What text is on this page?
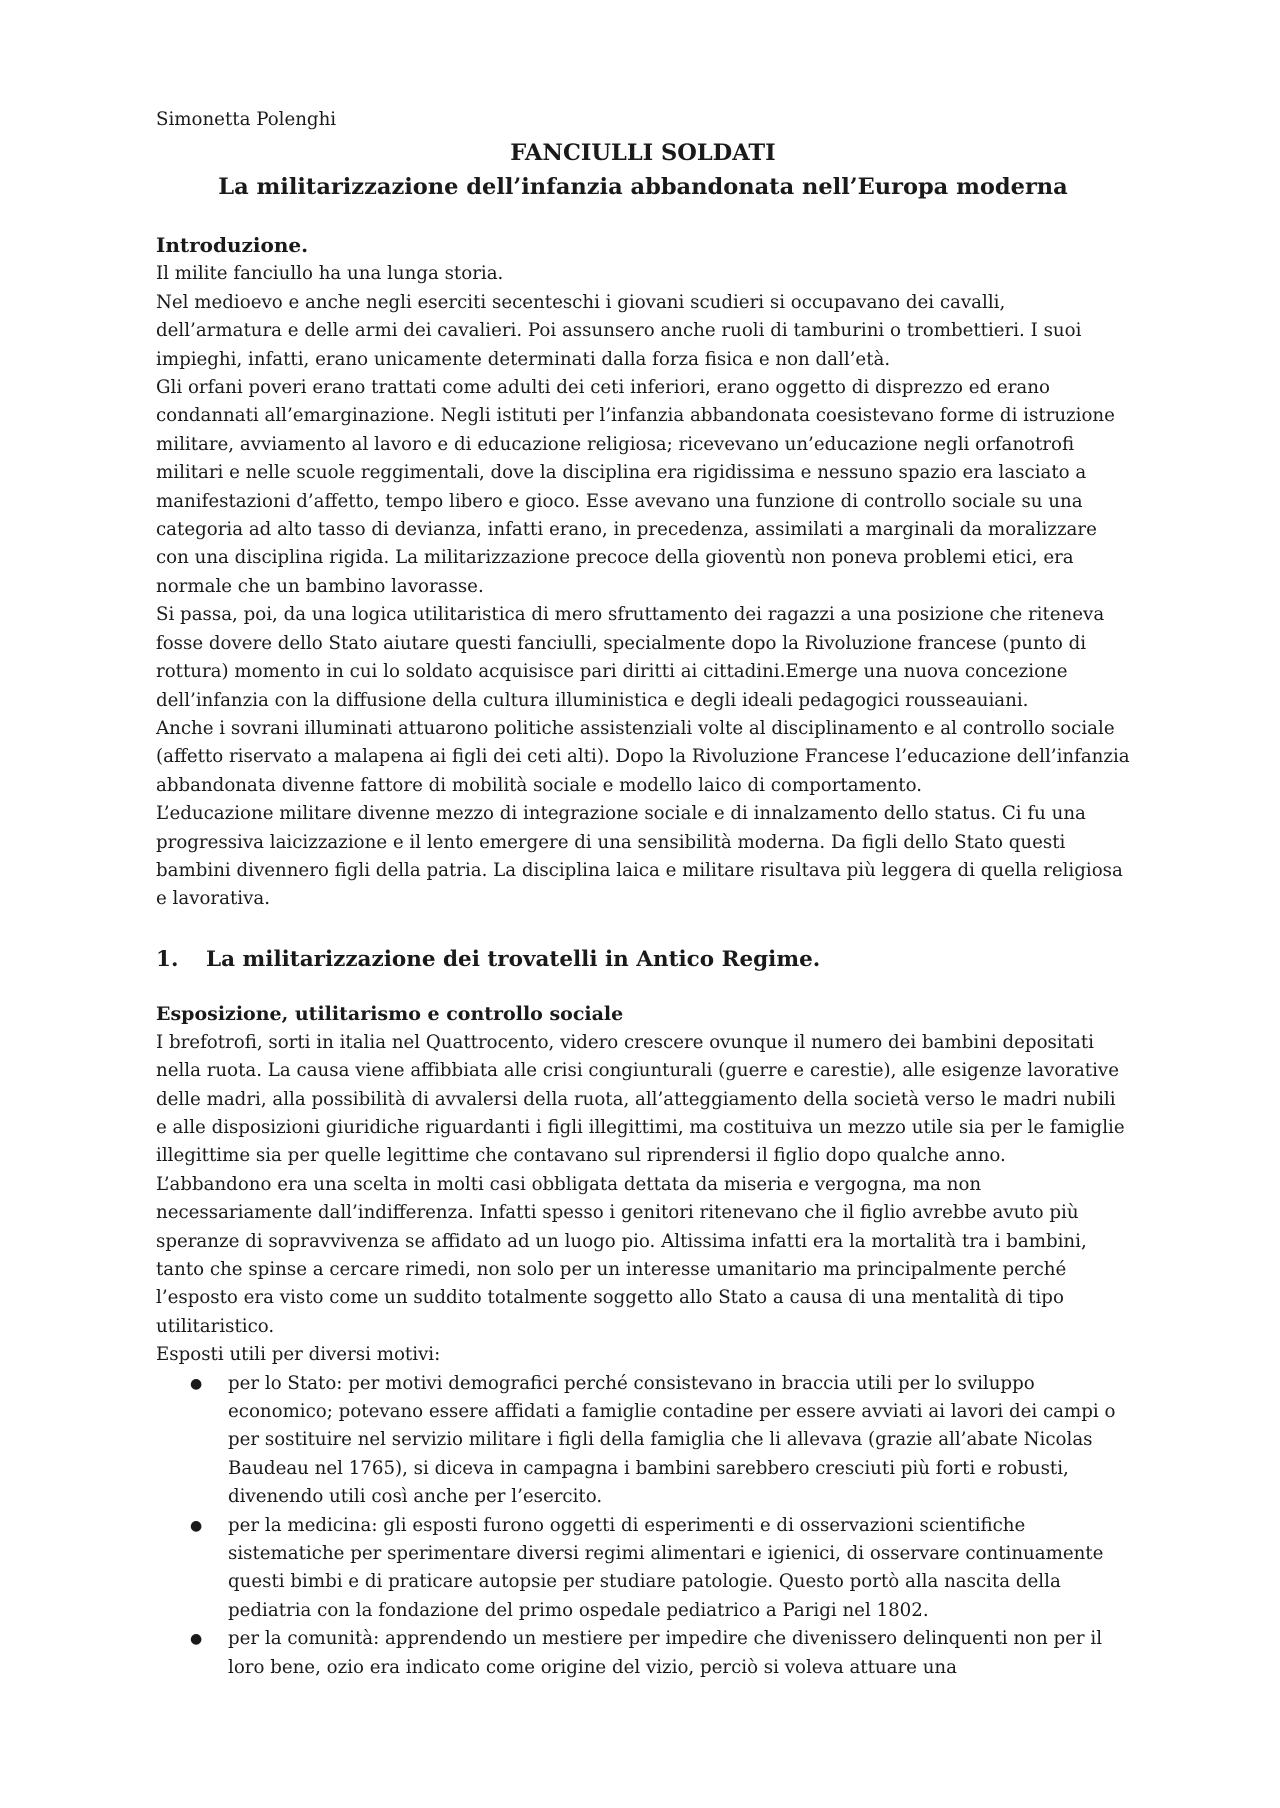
Simonetta Polenghi

FANCIULLI SOLDATI
La militarizzazione dell’infanzia abbandonata nell’Europa moderna
Introduzione.

Il milite fanciullo ha una lunga storia.

Nel medioevo e anche negli eserciti secenteschi i giovani scudieri si occupavano dei cavalli, dell’armatura e delle armi dei cavalieri. Poi assunsero anche ruoli di tamburini o trombettieri. I suoi impieghi, infatti, erano unicamente determinati dalla forza fisica e non dall’età.

Gli orfani poveri erano trattati come adulti dei ceti inferiori, erano oggetto di disprezzo ed erano condannati all’emarginazione. Negli istituti per l’infanzia abbandonata coesistevano forme di istruzione militare, avviamento al lavoro e di educazione religiosa; ricevevano un’educazione negli orfanotrofi militari e nelle scuole reggimentali, dove la disciplina era rigidissima e nessuno spazio era lasciato a manifestazioni d’affetto, tempo libero e gioco. Esse avevano una funzione di controllo sociale su una categoria ad alto tasso di devianza, infatti erano, in precedenza, assimilati a marginali da moralizzare con una disciplina rigida. La militarizzazione precoce della gioventù non poneva problemi etici, era normale che un bambino lavorasse.

Si passa, poi, da una logica utilitaristica di mero sfruttamento dei ragazzi a una posizione che riteneva fosse dovere dello Stato aiutare questi fanciulli, specialmente dopo la Rivoluzione francese (punto di rottura) momento in cui lo soldato acquisisce pari diritti ai cittadini.Emerge una nuova concezione dell’infanzia con la diffusione della cultura illuministica e degli ideali pedagogici rousseauiani.

Anche i sovrani illuminati attuarono politiche assistenziali volte al disciplinamento e al controllo sociale (affetto riservato a malapena ai figli dei ceti alti). Dopo la Rivoluzione Francese l’educazione dell’infanzia abbandonata divenne fattore di mobilità sociale e modello laico di comportamento.

L’educazione militare divenne mezzo di integrazione sociale e di innalzamento dello status. Ci fu una progressiva laicizzazione e il lento emergere di una sensibilità moderna. Da figli dello Stato questi bambini divennero figli della patria. La disciplina laica e militare risultava più leggera di quella religiosa e lavorativa.

1.	La militarizzazione dei trovatelli in Antico Regime.
Esposizione, utilitarismo e controllo sociale

I brefotrofi, sorti in italia nel Quattrocento, videro crescere ovunque il numero dei bambini depositati nella ruota. La causa viene affibbiata alle crisi congiunturali (guerre e carestie), alle esigenze lavorative delle madri, alla possibilità di avvalersi della ruota, all’atteggiamento della società verso le madri nubili e alle disposizioni giuridiche riguardanti i figli illegittimi, ma costituiva un mezzo utile sia per le famiglie illegittime sia per quelle legittime che contavano sul riprendersi il figlio dopo qualche anno.

L’abbandono era una scelta in molti casi obbligata dettata da miseria e vergogna, ma non necessariamente dall’indifferenza. Infatti spesso i genitori ritenevano che il figlio avrebbe avuto più speranze di sopravvivenza se affidato ad un luogo pio. Altissima infatti era la mortalità tra i bambini, tanto che spinse a cercare rimedi, non solo per un interesse umanitario ma principalmente perché l’esposto era visto come un suddito totalmente soggetto allo Stato a causa di una mentalità di tipo utilitaristico.

Esposti utili per diversi motivi:

● per lo Stato: per motivi demografici perché consistevano in braccia utili per lo sviluppo economico; potevano essere affidati a famiglie contadine per essere avviati ai lavori dei campi o per sostituire nel servizio militare i figli della famiglia che li allevava (grazie all’abate Nicolas Baudeau nel 1765), si diceva in campagna i bambini sarebbero cresciuti più forti e robusti, divenendo utili così anche per l’esercito.
● per la medicina: gli esposti furono oggetti di esperimenti e di osservazioni scientifiche sistematiche per sperimentare diversi regimi alimentari e igienici, di osservare continuamente questi bimbi e di praticare autopsie per studiare patologie. Questo portò alla nascita della pediatria con la fondazione del primo ospedale pediatrico a Parigi nel 1802.
● per la comunità: apprendendo un mestiere per impedire che divenissero delinquenti non per il loro bene, ozio era indicato come origine del vizio, perciò si voleva attuare una
